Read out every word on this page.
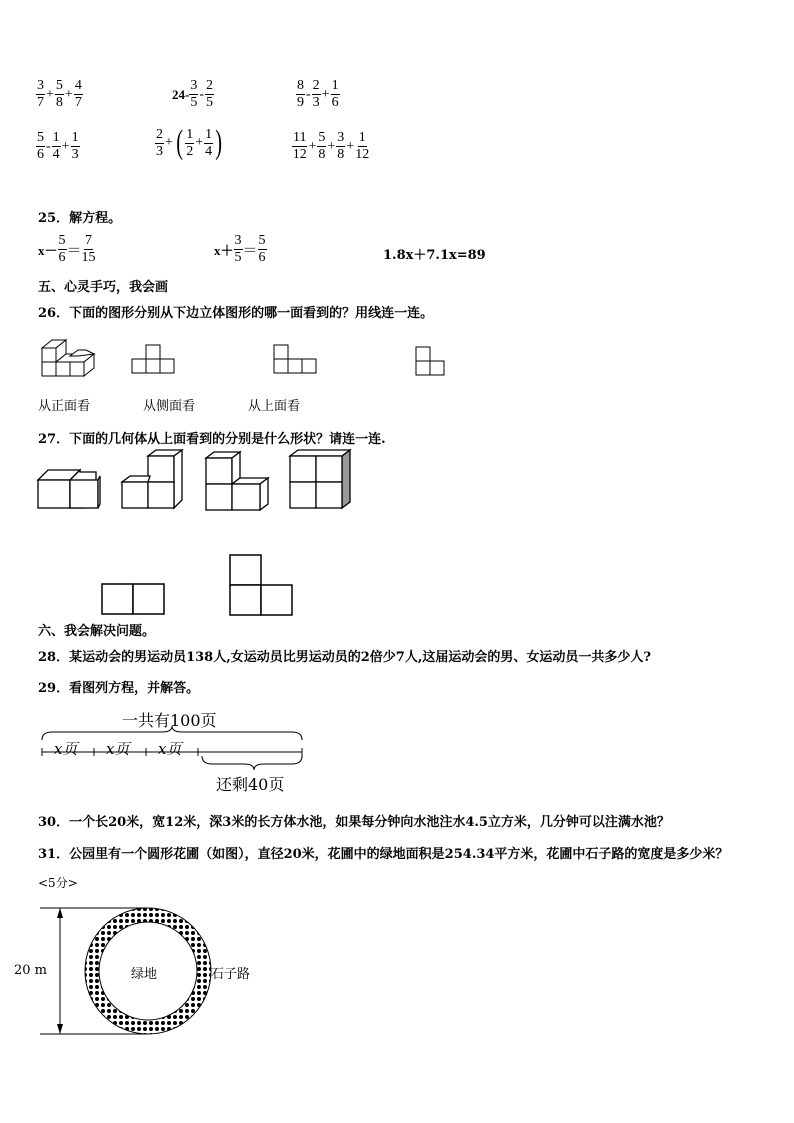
$\frac{3}{7} + \frac{5}{8} + \frac{4}{7}$	$24- \frac{3}{5} - \frac{2}{5}$	$\frac{8}{9} - \frac{2}{3} + \frac{1}{6}$
$\frac{5}{6} - \frac{1}{4} + \frac{1}{3}$	$\frac{2}{3}$ + ( $\frac{1}{2} + \frac{1}{4}$ )	$\frac{11}{12} + \frac{5}{8} + \frac{3}{8} + \frac{1}{12}$
25．解方程。
$x- \frac{5}{6} = \frac{7}{15}$	$x+ \frac{3}{5} = \frac{5}{6}$	1.8x＋7.1x=89
五、心灵手巧，我会画
26．下面的图形分别从下边立体图形的哪一面看到的？用线连一连。
从正面看	从侧面看	从上面看
27．下面的几何体从上面看到的分别是什么形状？请连一连.
六、我会解决问题。
28．某运动会的男运动员138人,女运动员比男运动员的2倍少7人,这届运动会的男、女运动员一共多少人?
29．看图列方程，并解答。
一共有100页
x页 x页 x页
还剩40页
30．一个长20米，宽12米，深3米的长方体水池，如果每分钟向水池注水4.5立方米，几分钟可以注满水池？
31．公园里有一个圆形花圃（如图），直径20米，花圃中的绿地面积是254.34平方米，花圃中石子路的宽度是多少米？
<5分>
20 m	绿地	石子路
